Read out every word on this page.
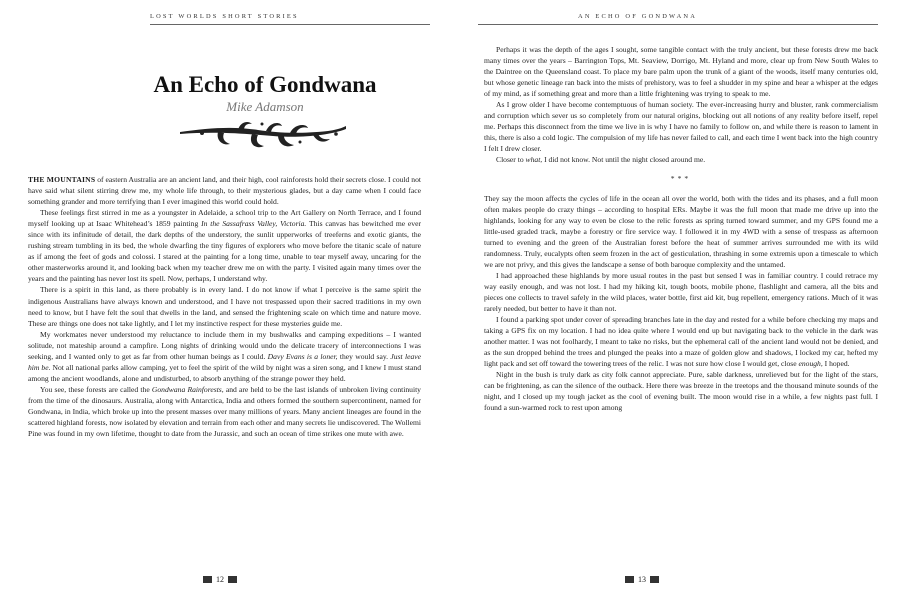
LOST WORLDS SHORT STORIES
An Echo of Gondwana
Mike Adamson

THE MOUNTAINS of eastern Australia are an ancient land, and their high, cool rainforests hold their secrets close. I could not have said what silent stirring drew me, my whole life through, to their mysterious glades, but a day came when I could face something grander and more terrifying than I ever imagined this world could hold.

These feelings first stirred in me as a youngster in Adelaide, a school trip to the Art Gallery on North Terrace, and I found myself looking up at Isaac Whitehead’s 1859 painting In the Sassafrass Valley, Victoria. This canvas has bewitched me ever since with its infinitude of detail, the dark depths of the understory, the sunlit upperworks of treeferns and exotic giants, the rushing stream tumbling in its bed, the whole dwarfing the tiny figures of explorers who move before the titanic scale of nature as if among the feet of gods and colossi. I stared at the painting for a long time, unable to tear myself away, uncaring for the other masterworks around it, and looking back when my teacher drew me on with the party. I visited again many times over the years and the painting has never lost its spell. Now, perhaps, I understand why.

There is a spirit in this land, as there probably is in every land. I do not know if what I perceive is the same spirit the indigenous Australians have always known and understood, and I have not trespassed upon their sacred traditions in my own need to know, but I have felt the soul that dwells in the land, and sensed the frightening scale on which time and nature move. These are things one does not take lightly, and I let my instinctive respect for these mysteries guide me.

My workmates never understood my reluctance to include them in my bushwalks and camping expeditions – I wanted solitude, not mateship around a campfire. Long nights of drinking would undo the delicate tracery of interconnections I was seeking, and I wanted only to get as far from other human beings as I could. Davy Evans is a loner, they would say. Just leave him be. Not all national parks allow camping, yet to feel the spirit of the wild by night was a siren song, and I knew I must stand among the ancient woodlands, alone and undisturbed, to absorb anything of the strange power they held.

You see, these forests are called the Gondwana Rainforests, and are held to be the last islands of unbroken living continuity from the time of the dinosaurs. Australia, along with Antarctica, India and others formed the southern supercontinent, named for Gondwana, in India, which broke up into the present masses over many millions of years. Many ancient lineages are found in the scattered highland forests, now isolated by elevation and terrain from each other and many secrets lie undiscovered. The Wollemi Pine was found in my own lifetime, thought to date from the Jurassic, and such an ocean of time strikes one mute with awe.

12
AN ECHO OF GONDWANA

Perhaps it was the depth of the ages I sought, some tangible contact with the truly ancient, but these forests drew me back many times over the years – Barrington Tops, Mt. Seaview, Dorrigo, Mt. Hyland and more, clear up from New South Wales to the Daintree on the Queensland coast. To place my bare palm upon the trunk of a giant of the woods, itself many centuries old, but whose genetic lineage ran back into the mists of prehistory, was to feel a shudder in my spine and hear a whisper at the edges of my mind, as if something great and more than a little frightening was trying to speak to me.

As I grow older I have become contemptuous of human society. The ever-increasing hurry and bluster, rank commercialism and corruption which sever us so completely from our natural origins, blocking out all notions of any reality before itself, repel me. Perhaps this disconnect from the time we live in is why I have no family to follow on, and while there is reason to lament in this, there is also a cold logic. The compulsion of my life has never failed to call, and each time I went back into the high country I felt I drew closer.

Closer to what, I did not know. Not until the night closed around me.

***

They say the moon affects the cycles of life in the ocean all over the world, both with the tides and its phases, and a full moon often makes people do crazy things – according to hospital ERs. Maybe it was the full moon that made me drive up into the highlands, looking for any way to even be close to the relic forests as spring turned toward summer, and my GPS found me a little-used graded track, maybe a forestry or fire service way. I followed it in my 4WD with a sense of trespass as afternoon turned to evening and the green of the Australian forest before the heat of summer arrives surrounded me with its wild randomness. Truly, eucalypts often seem frozen in the act of gesticulation, thrashing in some extremis upon a timescale to which we are not privy, and this gives the landscape a sense of both baroque complexity and the untamed.

I had approached these highlands by more usual routes in the past but sensed I was in familiar country. I could retrace my way easily enough, and was not lost. I had my hiking kit, tough boots, mobile phone, flashlight and camera, all the bits and pieces one collects to travel safely in the wild places, water bottle, first aid kit, bug repellent, emergency rations. Much of it was rarely needed, but better to have it than not.

I found a parking spot under cover of spreading branches late in the day and rested for a while before checking my maps and taking a GPS fix on my location. I had no idea quite where I would end up but navigating back to the vehicle in the dark was another matter. I was not foolhardy, I meant to take no risks, but the ephemeral call of the ancient land would not be denied, and as the sun dropped behind the trees and plunged the peaks into a maze of golden glow and shadows, I locked my car, hefted my light pack and set off toward the towering trees of the relic. I was not sure how close I would get, close enough, I hoped.

Night in the bush is truly dark as city folk cannot appreciate. Pure, sable darkness, unrelieved but for the light of the stars, can be frightening, as can the silence of the outback. Here there was breeze in the treetops and the thousand minute sounds of the night, and I closed up my tough jacket as the cool of evening built. The moon would rise in a while, a few nights past full. I found a sun-warmed rock to rest upon among

13
